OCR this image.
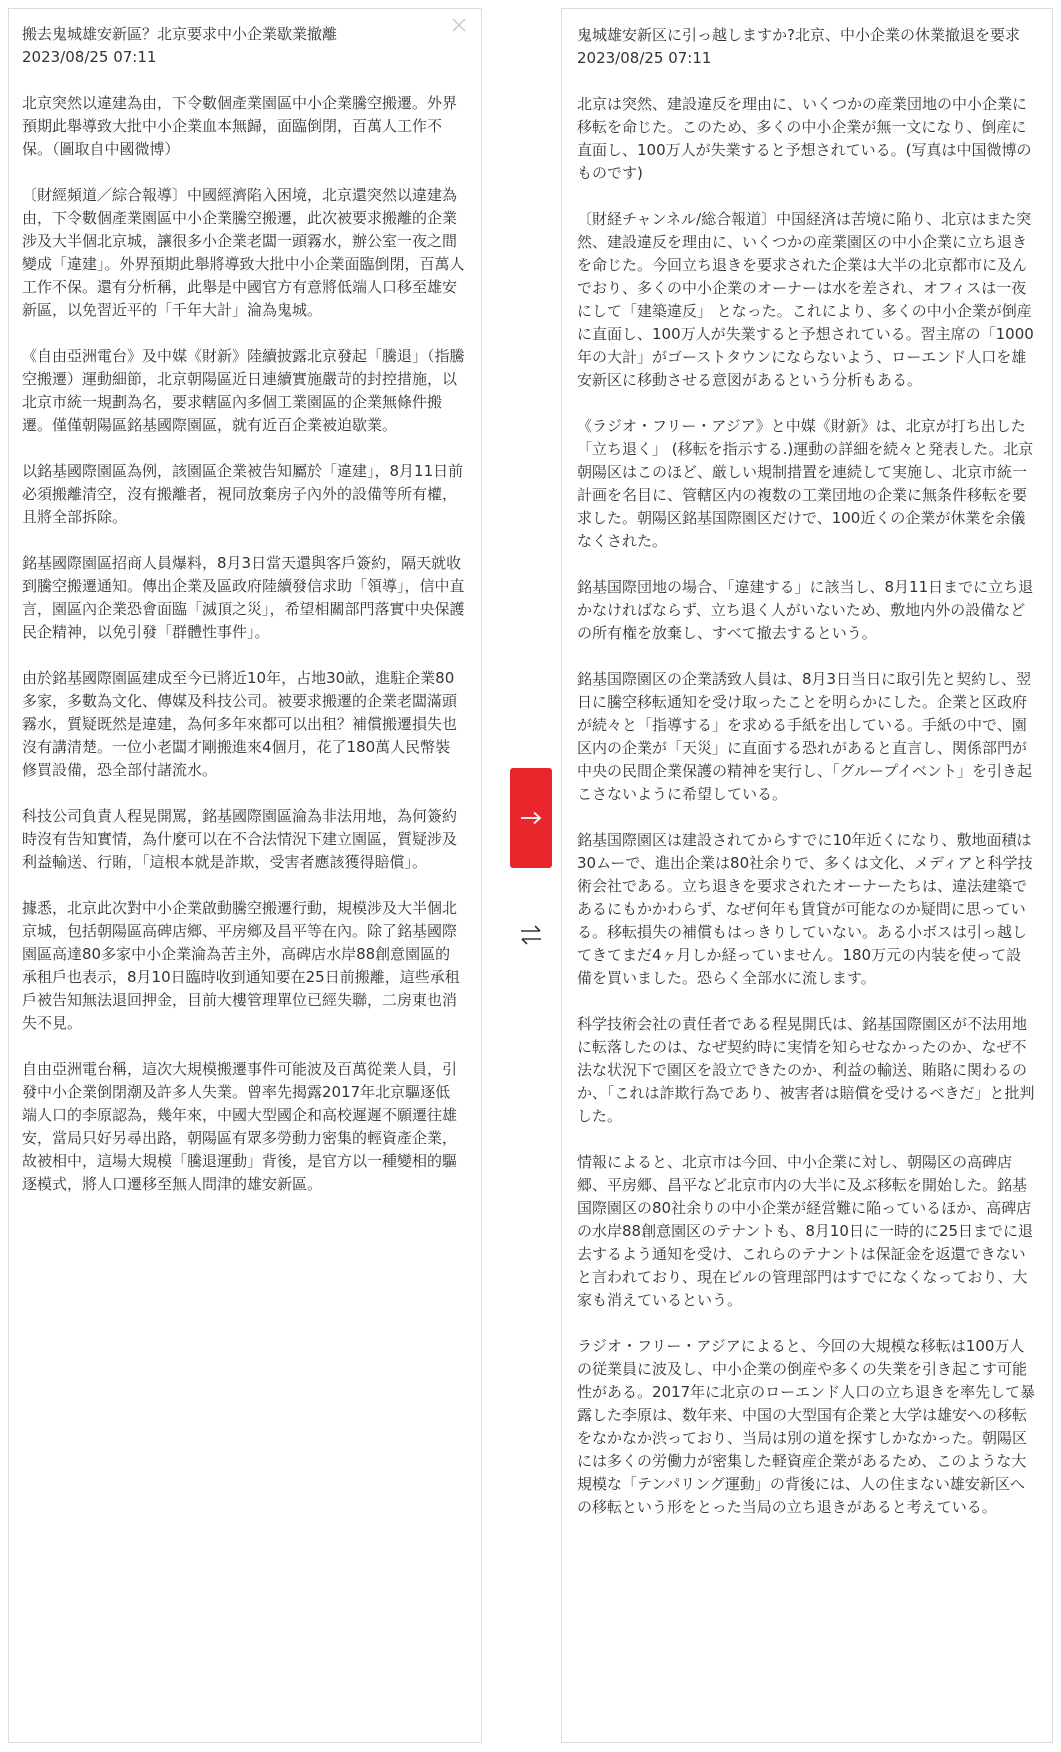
搬去鬼城雄安新區？北京要求中小企業歇業撤離

2023/08/25 07:11

北京突然以違建為由，下令數個產業園區中小企業騰空搬遷。外界預期此舉導致大批中小企業血本無歸，面臨倒閉，百萬人工作不保。（圖取自中國微博）

〔財經頻道／綜合報導〕中國經濟陷入困境，北京還突然以違建為由，下令數個產業園區中小企業騰空搬遷，此次被要求搬離的企業涉及大半個北京城，讓很多小企業老闆一頭霧水，辦公室一夜之間變成「違建」。外界預期此舉將導致大批中小企業面臨倒閉，百萬人工作不保。還有分析稱，此舉是中國官方有意將低端人口移至雄安新區，以免習近平的「千年大計」淪為鬼城。

《自由亞洲電台》及中媒《財新》陸續披露北京發起「騰退」（指騰空搬遷）運動細節，北京朝陽區近日連續實施嚴苛的封控措施，以北京市統一規劃為名，要求轄區內多個工業園區的企業無條件搬遷。僅僅朝陽區銘基國際園區，就有近百企業被迫歇業。

以銘基國際園區為例，該園區企業被告知屬於「違建」，8月11日前必須搬離清空，沒有搬離者，視同放棄房子內外的設備等所有權，且將全部拆除。

銘基國際園區招商人員爆料，8月3日當天還與客戶簽約，隔天就收到騰空搬遷通知。傳出企業及區政府陸續發信求助「領導」，信中直言，園區內企業恐會面臨「滅頂之災」，希望相關部門落實中央保護民企精神，以免引發「群體性事件」。

由於銘基國際園區建成至今已將近10年，占地30畝，進駐企業80多家，多數為文化、傳媒及科技公司。被要求搬遷的企業老闆滿頭霧水，質疑既然是違建，為何多年來都可以出租？補償搬遷損失也沒有講清楚。一位小老闆才剛搬進來4個月，花了180萬人民幣裝修買設備，恐全部付諸流水。

科技公司負責人程晃開罵，銘基國際園區淪為非法用地，為何簽約時沒有告知實情，為什麼可以在不合法情況下建立園區，質疑涉及利益輸送、行賄，「這根本就是詐欺，受害者應該獲得賠償」。

據悉，北京此次對中小企業啟動騰空搬遷行動，規模涉及大半個北京城，包括朝陽區高碑店鄉、平房鄉及昌平等在內。除了銘基國際園區高達80多家中小企業淪為苦主外，高碑店水岸88創意園區的承租戶也表示，8月10日臨時收到通知要在25日前搬離，這些承租戶被告知無法退回押金，目前大樓管理單位已經失聯，二房東也消失不見。

自由亞洲電台稱，這次大規模搬遷事件可能波及百萬從業人員，引發中小企業倒閉潮及許多人失業。曾率先揭露2017年北京驅逐低端人口的李原認為，幾年來，中國大型國企和高校遲遲不願遷往雄安，當局只好另尋出路，朝陽區有眾多勞動力密集的輕資產企業，故被相中，這場大規模「騰退運動」背後，是官方以一種變相的驅逐模式，將人口遷移至無人問津的雄安新區。

鬼城雄安新区に引っ越しますか?北京、中小企業の休業撤退を要求

2023/08/25 07:11

北京は突然、建設違反を理由に、いくつかの産業団地の中小企業に移転を命じた。このため、多くの中小企業が無一文になり、倒産に直面し、100万人が失業すると予想されている。(写真は中国微博のものです)

〔財経チャンネル/総合報道〕中国経済は苦境に陥り、北京はまた突然、建設違反を理由に、いくつかの産業園区の中小企業に立ち退きを命じた。今回立ち退きを要求された企業は大半の北京都市に及んでおり、多くの中小企業のオーナーは水を差され、オフィスは一夜にして「建築違反」 となった。これにより、多くの中小企業が倒産に直面し、100万人が失業すると予想されている。習主席の「1000年の大計」がゴーストタウンにならないよう、ローエンド人口を雄安新区に移動させる意図があるという分析もある。

《ラジオ・フリー・アジア》と中媒《財新》は、北京が打ち出した「立ち退く」 (移転を指示する.)運動の詳細を続々と発表した。北京朝陽区はこのほど、厳しい規制措置を連続して実施し、北京市統一計画を名目に、管轄区内の複数の工業団地の企業に無条件移転を要求した。朝陽区銘基国際園区だけで、100近くの企業が休業を余儀なくされた。

銘基国際団地の場合、「違建する」に該当し、8月11日までに立ち退かなければならず、立ち退く人がいないため、敷地内外の設備などの所有権を放棄し、すべて撤去するという。

銘基国際園区の企業誘致人員は、8月3日当日に取引先と契約し、翌日に騰空移転通知を受け取ったことを明らかにした。企業と区政府が続々と「指導する」を求める手紙を出している。手紙の中で、園区内の企業が「天災」に直面する恐れがあると直言し、関係部門が中央の民間企業保護の精神を実行し、「グループイベント」を引き起こさないように希望している。

銘基国際園区は建設されてからすでに10年近くになり、敷地面積は30ムーで、進出企業は80社余りで、多くは文化、メディアと科学技術会社である。立ち退きを要求されたオーナーたちは、違法建築であるにもかかわらず、なぜ何年も賃貸が可能なのか疑問に思っている。移転損失の補償もはっきりしていない。ある小ボスは引っ越してきてまだ4ヶ月しか経っていません。180万元の内装を使って設備を買いました。恐らく全部水に流します。

科学技術会社の責任者である程晃開氏は、銘基国際園区が不法用地に転落したのは、なぜ契約時に実情を知らせなかったのか、なぜ不法な状況下で園区を設立できたのか、利益の輸送、賄賂に関わるのか、「これは詐欺行為であり、被害者は賠償を受けるべきだ」と批判した。

情報によると、北京市は今回、中小企業に対し、朝陽区の高碑店郷、平房郷、昌平など北京市内の大半に及ぶ移転を開始した。銘基国際園区の80社余りの中小企業が経営難に陥っているほか、高碑店の水岸88創意園区のテナントも、8月10日に一時的に25日までに退去するよう通知を受け、これらのテナントは保証金を返還できないと言われており、現在ビルの管理部門はすでになくなっており、大家も消えているという。

ラジオ・フリー・アジアによると、今回の大規模な移転は100万人の従業員に波及し、中小企業の倒産や多くの失業を引き起こす可能性がある。2017年に北京のローエンド人口の立ち退きを率先して暴露した李原は、数年来、中国の大型国有企業と大学は雄安への移転をなかなか渋っており、当局は別の道を探すしかなかった。朝陽区には多くの労働力が密集した軽資産企業があるため、このような大規模な「テンパリング運動」の背後には、人の住まない雄安新区への移転という形をとった当局の立ち退きがあると考えている。
